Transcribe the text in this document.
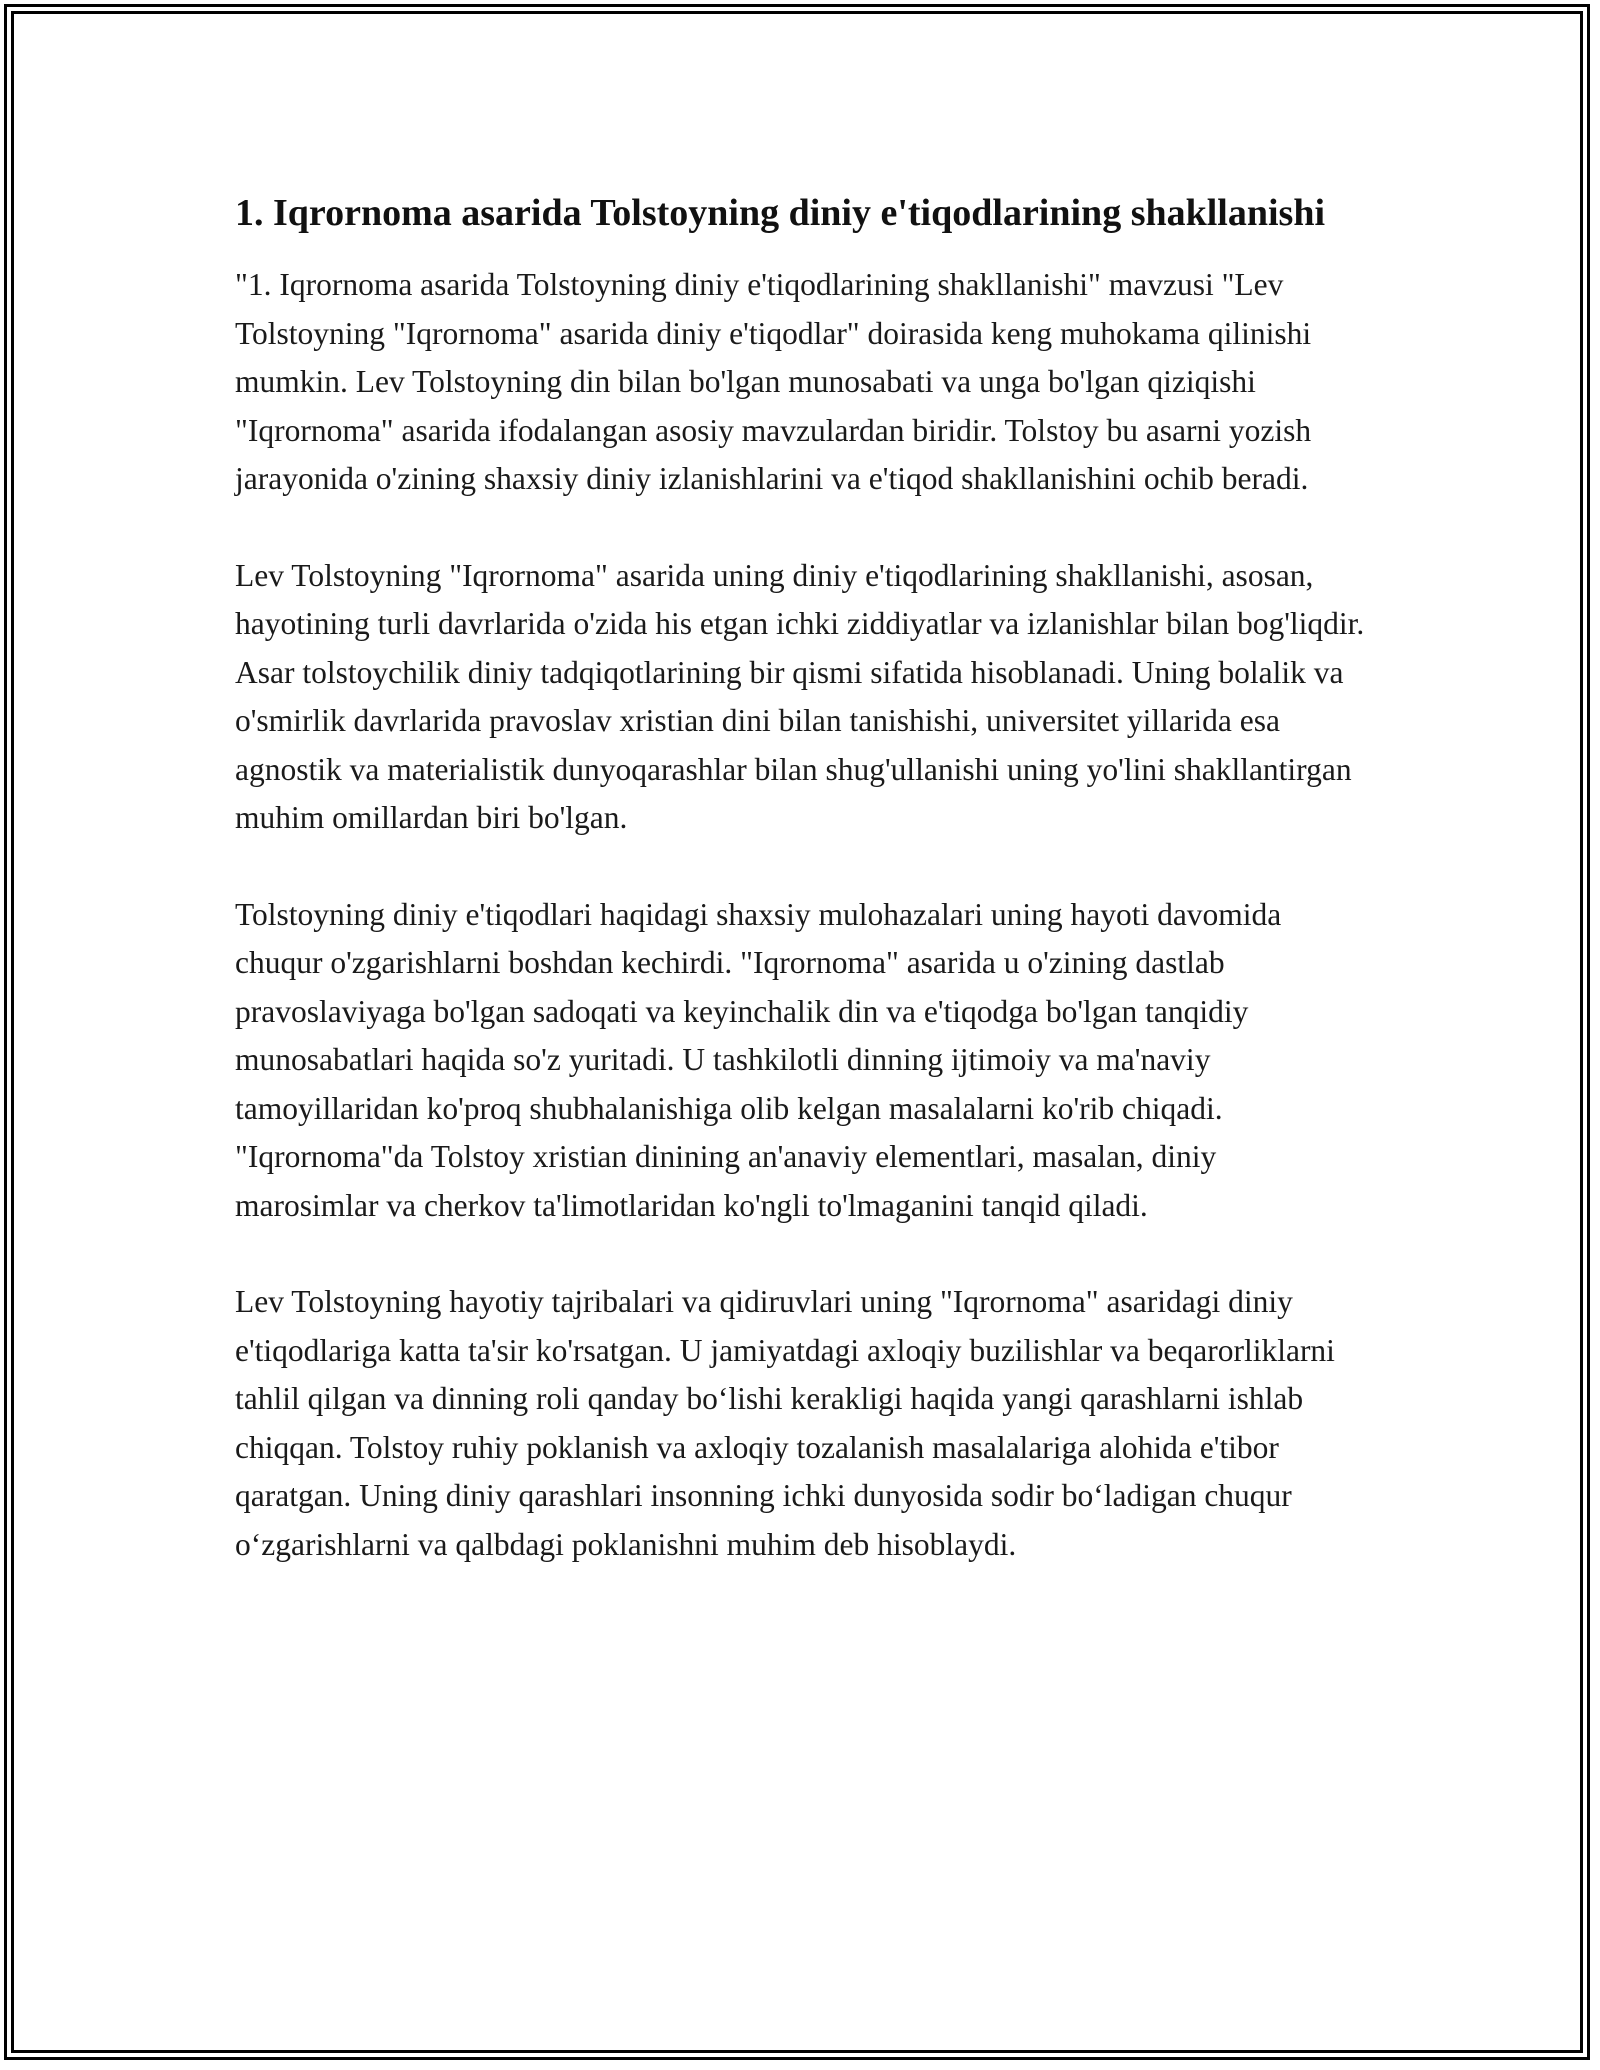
1. Iqrornoma asarida Tolstoyning diniy e'tiqodlarining shakllanishi

"1. Iqrornoma asarida Tolstoyning diniy e'tiqodlarining shakllanishi" mavzusi "Lev Tolstoyning "Iqrornoma" asarida diniy e'tiqodlar" doirasida keng muhokama qilinishi mumkin. Lev Tolstoyning din bilan bo'lgan munosabati va unga bo'lgan qiziqishi "Iqrornoma" asarida ifodalangan asosiy mavzulardan biridir. Tolstoy bu asarni yozish jarayonida o'zining shaxsiy diniy izlanishlarini va e'tiqod shakllanishini ochib beradi.

Lev Tolstoyning "Iqrornoma" asarida uning diniy e'tiqodlarining shakllanishi, asosan, hayotining turli davrlarida o'zida his etgan ichki ziddiyatlar va izlanishlar bilan bog'liqdir. Asar tolstoychilik diniy tadqiqotlarining bir qismi sifatida hisoblanadi. Uning bolalik va o'smirlik davrlarida pravoslav xristian dini bilan tanishishi, universitet yillarida esa agnostik va materialistik dunyoqarashlar bilan shug'ullanishi uning yo'lini shakllantirgan muhim omillardan biri bo'lgan.

Tolstoyning diniy e'tiqodlari haqidagi shaxsiy mulohazalari uning hayoti davomida chuqur o'zgarishlarni boshdan kechirdi. "Iqrornoma" asarida u o'zining dastlab pravoslaviyaga bo'lgan sadoqati va keyinchalik din va e'tiqodga bo'lgan tanqidiy munosabatlari haqida so'z yuritadi. U tashkilotli dinning ijtimoiy va ma'naviy tamoyillaridan ko'proq shubhalanishiga olib kelgan masalalarni ko'rib chiqadi. "Iqrornoma"da Tolstoy xristian dinining an'anaviy elementlari, masalan, diniy marosimlar va cherkov ta'limotlaridan ko'ngli to'lmaganini tanqid qiladi.

Lev Tolstoyning hayotiy tajribalari va qidiruvlari uning "Iqrornoma" asaridagi diniy e'tiqodlariga katta ta'sir ko'rsatgan. U jamiyatdagi axloqiy buzilishlar va beqarorliklarni tahlil qilgan va dinning roli qanday bo‘lishi kerakligi haqida yangi qarashlarni ishlab chiqqan. Tolstoy ruhiy poklanish va axloqiy tozalanish masalalariga alohida e'tibor qaratgan. Uning diniy qarashlari insonning ichki dunyosida sodir bo‘ladigan chuqur o‘zgarishlarni va qalbdagi poklanishni muhim deb hisoblaydi.
